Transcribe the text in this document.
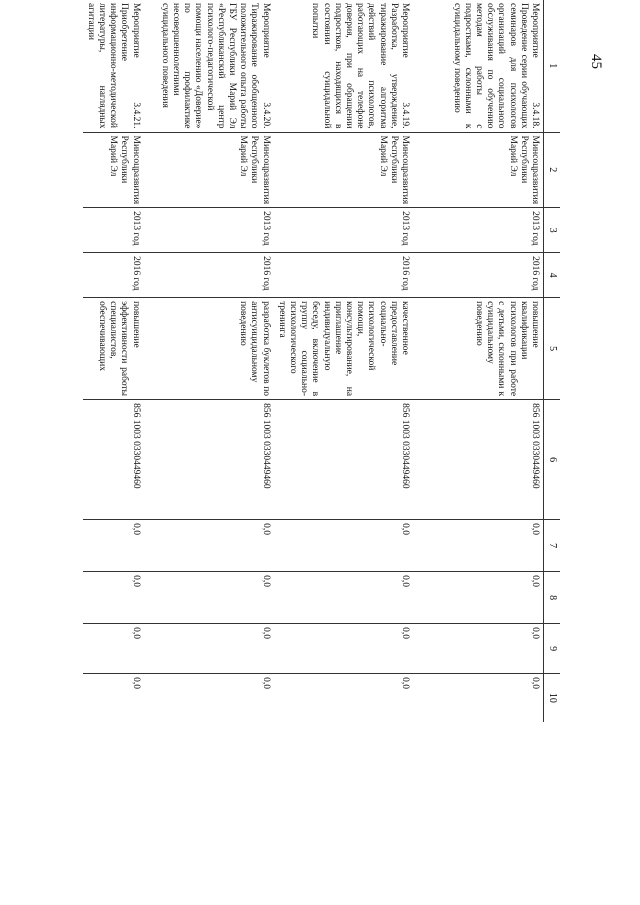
45
1	2	3	4	5	6	7	8	9	10
Мероприятие 3.4.18. Проведение серии обучающих семинаров для психологов организаций социального обслуживания по обучению методам работы с подростками, склонными к суицидальному поведению	Минсоцразвития Республики Марий Эл	2013 год	2016 год	повышение квалификации психологов при работе с детьми, склонными к суицидальному поведению	856 1003 0330449460	0,0	0,0	0,0	0,0
Мероприятие 3.4.19. Разработка, утверждение, тиражирование алгоритма действий психологов, работающих на телефоне доверия, при обращении подростков, находящихся в состоянии суицидальной попытки	Минсоцразвития Республики Марий Эл	2013 год	2016 год	качественное предоставление социально-психологической помощи, консультирование, на приглашение индивидуальную беседу, включение в группу социально-психологического тренинга	856 1003 0330449460	0,0	0,0	0,0	0,0
Мероприятие 3.4.20. Тиражирование обобщенного положительного опыта работы ГБУ Республики Марий Эл «Республиканский центр психолого-педагогической помощи населению «Доверие» по профилактике несовершеннолетними суицидального поведения	Минсоцразвития Республики Марий Эл	2013 год	2016 год	разработка буклетов по антисуицидальному поведению	856 1003 0330449460	0,0	0,0	0,0	0,0
Мероприятие 3.4.21. Приобретение информационно-методической литературы, наглядных агитации	Минсоцразвития Республики Марий Эл	2013 год	2016 год	повышение эффективности работы специалистов, обеспечивающих	856 1003 0330449460	0,0	0,0	0,0	0,0
